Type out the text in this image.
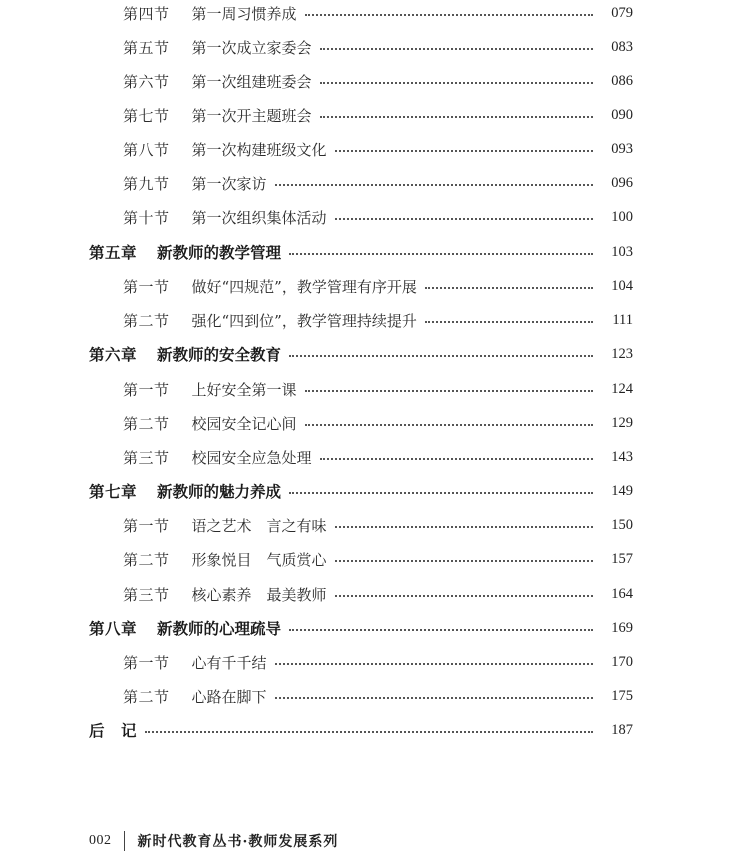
第四节 第一周习惯养成	079
第五节 第一次成立家委会	083
第六节 第一次组建班委会	086
第七节 第一次开主题班会	090
第八节 第一次构建班级文化	093
第九节 第一次家访	096
第十节 第一次组织集体活动	100
第五章 新教师的教学管理	103
第一节 做好“四规范”，教学管理有序开展	104
第二节 强化“四到位”，教学管理持续提升	111
第六章 新教师的安全教育	123
第一节 上好安全第一课	124
第二节 校园安全记心间	129
第三节 校园安全应急处理	143
第七章 新教师的魅力养成	149
第一节 语之艺术　言之有味	150
第二节 形象悦目　气质赏心	157
第三节 核心素养　最美教师	164
第八章 新教师的心理疏导	169
第一节 心有千千结	170
第二节 心路在脚下	175
后　记	187
002 新时代教育丛书·教师发展系列
